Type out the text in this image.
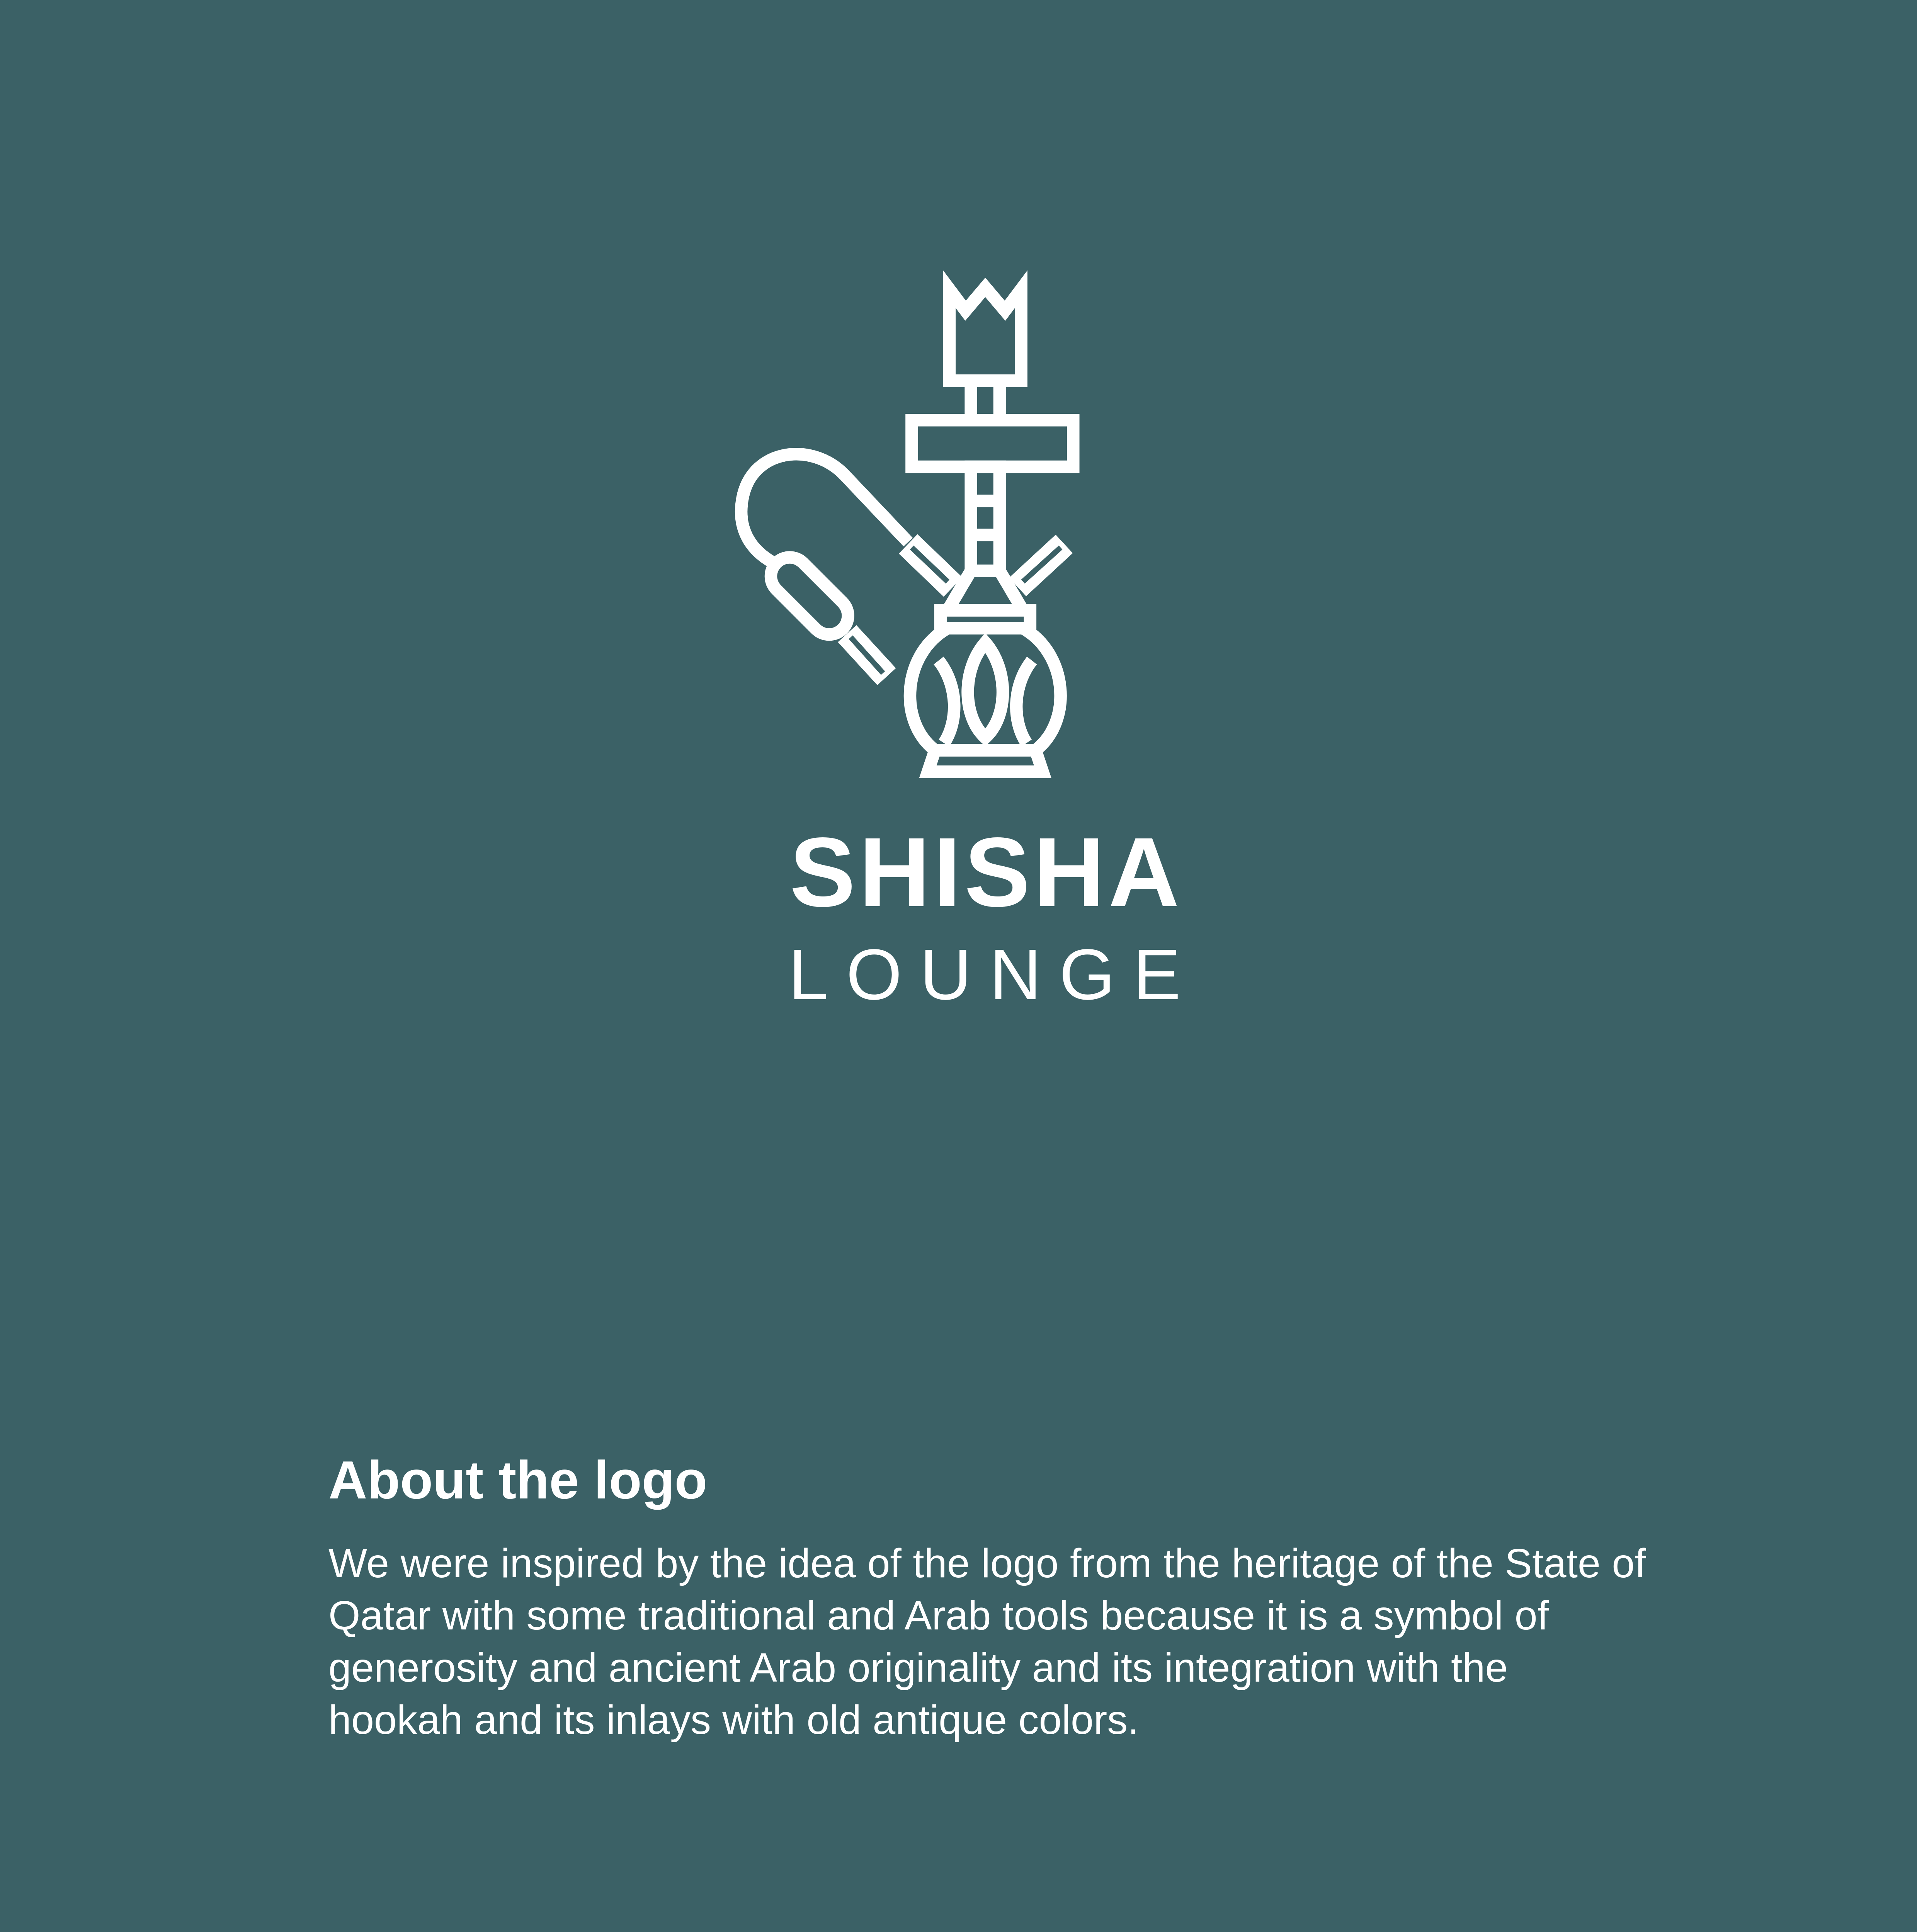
SHISHA
LOUNGE
About the logo
We were inspired by the idea of the logo from the heritage of the State of
Qatar with some traditional and Arab tools because it is a symbol of
generosity and ancient Arab originality and its integration with the
hookah and its inlays with old antique colors.
